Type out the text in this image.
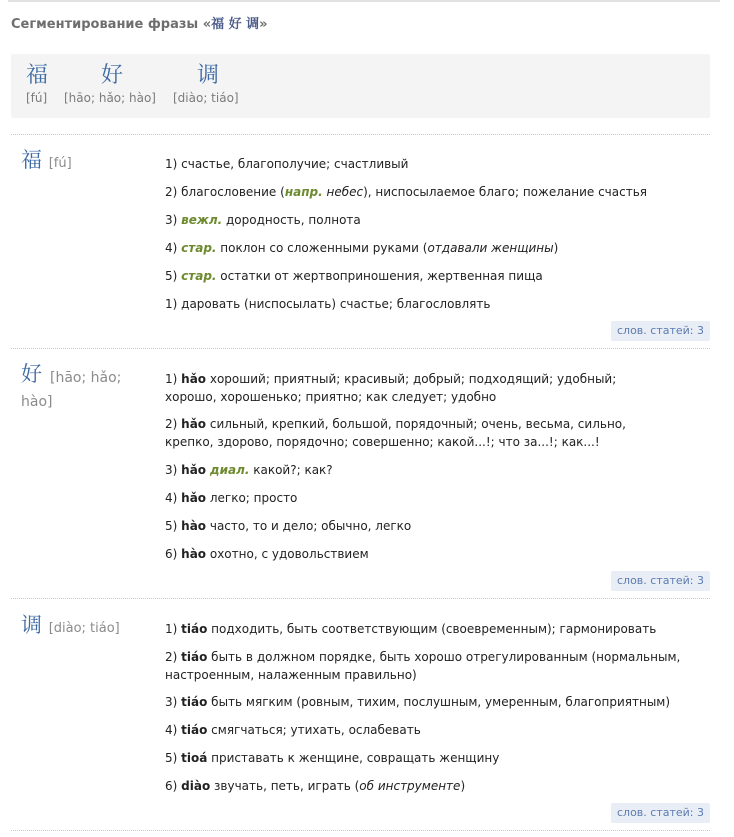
Сегментирование фразы «福 好 调»
福
[fú]
好
[hāo; hǎo; hào]
调
[diào; tiáo]
福 [fú]	1) счастье, благополучие; счастливый
2) благословение (напр. небес), ниспосылаемое благо; пожелание счастья
3) вежл. дородность, полнота
4) стар. поклон со сложенными руками (отдавали женщины)
5) стар. остатки от жертвоприношения, жертвенная пища
1) даровать (ниспосылать) счастье; благословлять
слов. статей: 3
好 [hāo; hǎo;
hào]
1) hǎo хороший; приятный; красивый; добрый; подходящий; удобный;
хорошо, хорошенько; приятно; как следует; удобно
2) hǎo сильный, крепкий, большой, порядочный; очень, весьма, сильно,
крепко, здорово, порядочно; совершенно; какой...!; что за...!; как...!
3) hǎo диал. какой?; как?
4) hǎo легко; просто
5) hào часто, то и дело; обычно, легко
6) hào охотно, с удовольствием
слов. статей: 3
调 [diào; tiáo]	1) tiáo подходить, быть соответствующим (своевременным); гармонировать
2) tiáo быть в должном порядке, быть хорошо отрегулированным (нормальным,
настроенным, налаженным правильно)
3) tiáo быть мягким (ровным, тихим, послушным, умеренным, благоприятным)
4) tiáo смягчаться; утихать, ослабевать
5) tioá приставать к женщине, совращать женщину
6) diào звучать, петь, играть (об инструменте)
слов. статей: 3
